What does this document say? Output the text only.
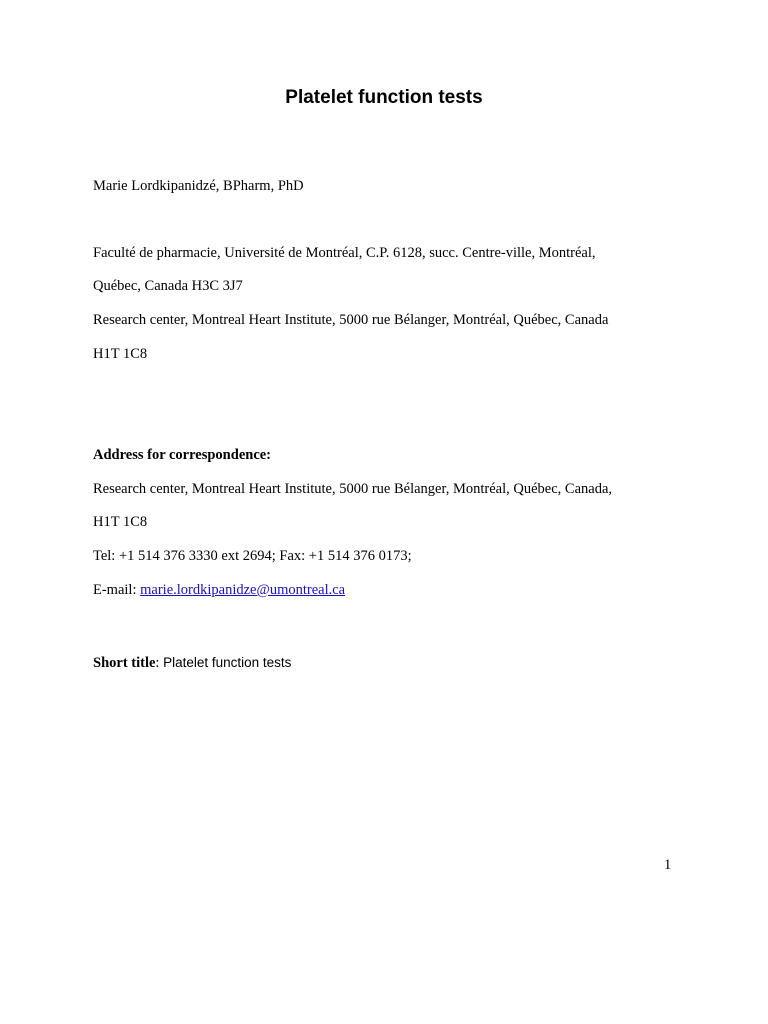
Platelet function tests
Marie Lordkipanidzé, BPharm, PhD
Faculté de pharmacie, Université de Montréal, C.P. 6128, succ. Centre-ville, Montréal,
Québec, Canada H3C 3J7
Research center, Montreal Heart Institute, 5000 rue Bélanger, Montréal, Québec, Canada
H1T 1C8
Address for correspondence:
Research center, Montreal Heart Institute, 5000 rue Bélanger, Montréal, Québec, Canada,
H1T 1C8
Tel: +1 514 376 3330 ext 2694; Fax: +1 514 376 0173;
E-mail: marie.lordkipanidze@umontreal.ca
Short title: Platelet function tests
1
